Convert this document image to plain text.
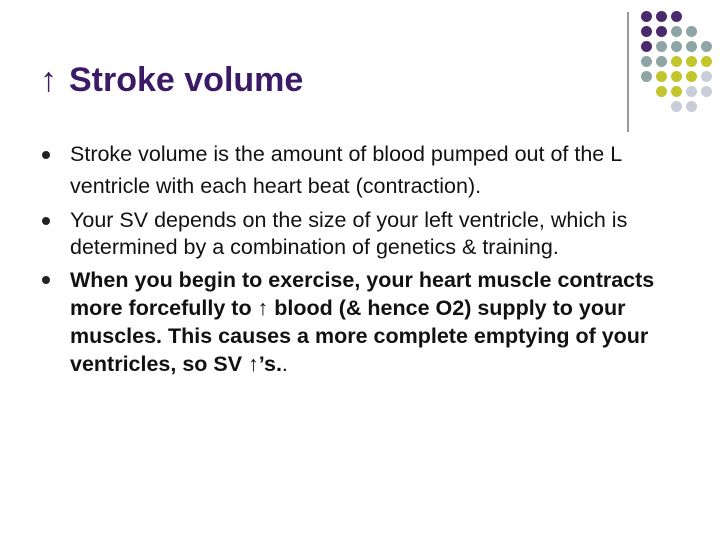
↑ Stroke volume
Stroke volume is the amount of blood pumped out of the L ventricle with each heart beat (contraction).
Your SV depends on the size of your left ventricle, which is determined by a combination of genetics & training.
When you begin to exercise, your heart muscle contracts more forcefully to ↑ blood (& hence O2) supply to your muscles. This causes a more complete emptying of your ventricles, so SV ↑’s..
